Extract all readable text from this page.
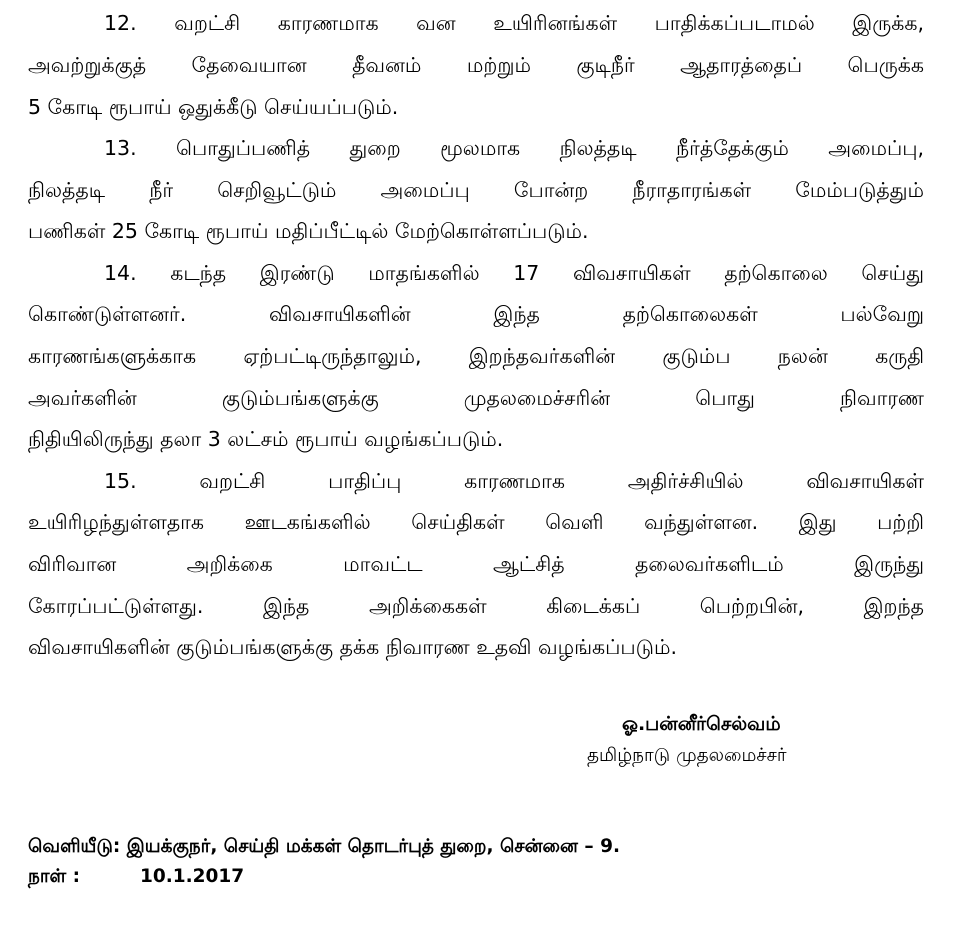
12. வறட்சி காரணமாக வன உயிரினங்கள் பாதிக்கப்படாமல் இருக்க,
அவற்றுக்குத் தேவையான தீவனம் மற்றும் குடிநீர் ஆதாரத்தைப் பெருக்க
5 கோடி ரூபாய் ஒதுக்கீடு செய்யப்படும்.
13. பொதுப்பணித் துறை மூலமாக நிலத்தடி நீர்த்தேக்கும் அமைப்பு,
நிலத்தடி நீர் செறிவூட்டும் அமைப்பு போன்ற நீராதாரங்கள் மேம்படுத்தும்
பணிகள் 25 கோடி ரூபாய் மதிப்பீட்டில் மேற்கொள்ளப்படும்.
14. கடந்த இரண்டு மாதங்களில் 17 விவசாயிகள் தற்கொலை செய்து
கொண்டுள்ளனர். விவசாயிகளின் இந்த தற்கொலைகள் பல்வேறு
காரணங்களுக்காக ஏற்பட்டிருந்தாலும், இறந்தவர்களின் குடும்ப நலன் கருதி
அவர்களின் குடும்பங்களுக்கு முதலமைச்சரின் பொது நிவாரண
நிதியிலிருந்து தலா 3 லட்சம் ரூபாய் வழங்கப்படும்.
15. வறட்சி பாதிப்பு காரணமாக அதிர்ச்சியில் விவசாயிகள்
உயிரிழந்துள்ளதாக ஊடகங்களில் செய்திகள் வெளி வந்துள்ளன. இது பற்றி
விரிவான அறிக்கை மாவட்ட ஆட்சித் தலைவர்களிடம் இருந்து
கோரப்பட்டுள்ளது. இந்த அறிக்கைகள் கிடைக்கப் பெற்றபின், இறந்த
விவசாயிகளின் குடும்பங்களுக்கு தக்க நிவாரண உதவி வழங்கப்படும்.
ஓ.பன்னீர்செல்வம்
தமிழ்நாடு முதலமைச்சர்
வெளியீடு: இயக்குநர், செய்தி மக்கள் தொடர்புத் துறை, சென்னை – 9.
நாள் :	10.1.2017
